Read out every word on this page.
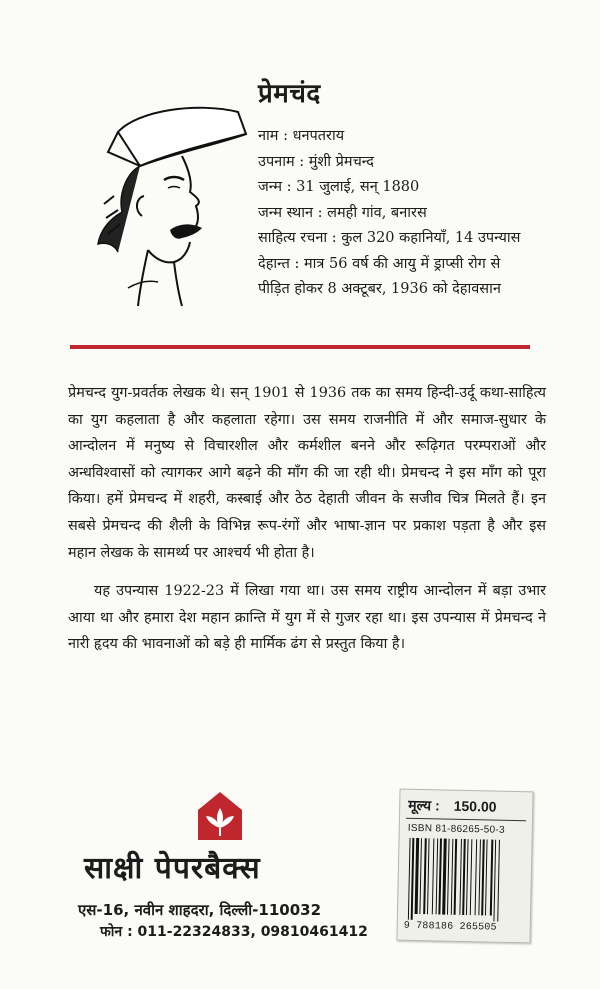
प्रेमचंद

नाम : धनपतराय

उपनाम : मुंशी प्रेमचन्द

जन्म : 31 जुलाई, सन् 1880

जन्म स्थान : लमही गांव, बनारस

साहित्य रचना : कुल 320 कहानियाँ, 14 उपन्यास

देहान्त : मात्र 56 वर्ष की आयु में ड्राप्सी रोग से

पीड़ित होकर 8 अक्टूबर, 1936 को देहावसान

प्रेमचन्द युग-प्रवर्तक लेखक थे। सन् 1901 से 1936 तक का समय हिन्दी-उर्दू कथा-साहित्य का युग कहलाता है और कहलाता रहेगा। उस समय राजनीति में और समाज-सुधार के आन्दोलन में मनुष्य से विचारशील और कर्मशील बनने और रूढ़िगत परम्पराओं और अन्धविश्वासों को त्यागकर आगे बढ़ने की माँग की जा रही थी। प्रेमचन्द ने इस माँग को पूरा किया। हमें प्रेमचन्द में शहरी, कस्बाई और ठेठ देहाती जीवन के सजीव चित्र मिलते हैं। इन सबसे प्रेमचन्द की शैली के विभिन्न रूप-रंगों और भाषा-ज्ञान पर प्रकाश पड़ता है और इस महान लेखक के सामर्थ्य पर आश्चर्य भी होता है।

यह उपन्यास 1922-23 में लिखा गया था। उस समय राष्ट्रीय आन्दोलन में बड़ा उभार आया था और हमारा देश महान क्रान्ति में युग में से गुजर रहा था। इस उपन्यास में प्रेमचन्द ने नारी हृदय की भावनाओं को बड़े ही मार्मिक ढंग से प्रस्तुत किया है।

साक्षी पेपरबैक्स
एस-16, नवीन शाहदरा, दिल्ली-110032
फोन : 011-22324833, 09810461412
मूल्य : 150.00
ISBN 81-86265-50-3
9 788186 265505
